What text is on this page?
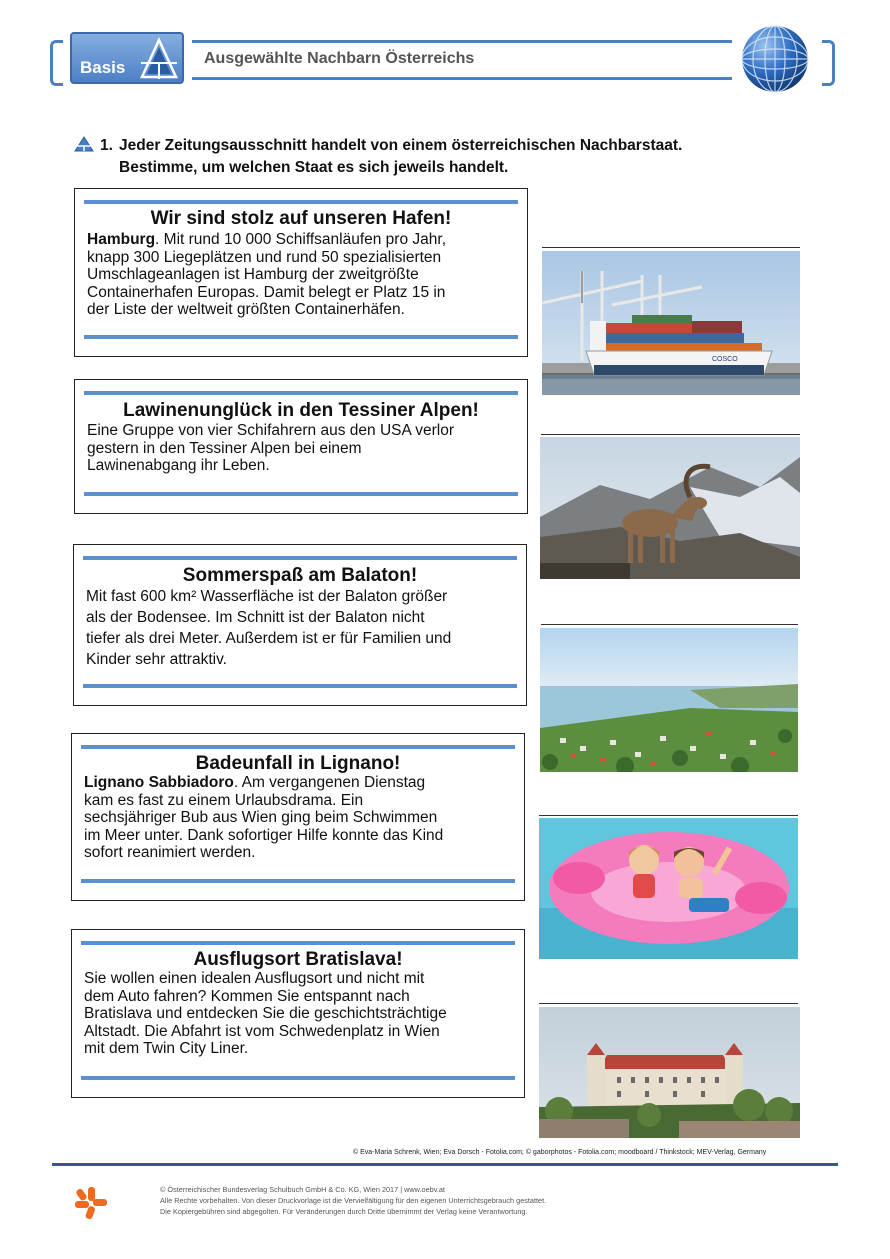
Basis	Ausgewählte Nachbarn Österreichs
1. Jeder Zeitungsausschnitt handelt von einem österreichischen Nachbarstaat.
Bestimme, um welchen Staat es sich jeweils handelt.
Wir sind stolz auf unseren Hafen!
Hamburg. Mit rund 10 000 Schiffsanläufen pro Jahr,
knapp 300 Liegeplätzen und rund 50 spezialisierten
Umschlageanlagen ist Hamburg der zweitgrößte
Containerhafen Europas. Damit belegt er Platz 15 in
der Liste der weltweit größten Containerhäfen.
Lawinenunglück in den Tessiner Alpen!
Eine Gruppe von vier Schifahrern aus den USA verlor
gestern in den Tessiner Alpen bei einem
Lawinenabgang ihr Leben.
Sommerspaß am Balaton!
Mit fast 600 km² Wasserfläche ist der Balaton größer
als der Bodensee. Im Schnitt ist der Balaton nicht
tiefer als drei Meter. Außerdem ist er für Familien und
Kinder sehr attraktiv.
Badeunfall in Lignano!
Lignano Sabbiadoro. Am vergangenen Dienstag
kam es fast zu einem Urlaubsdrama. Ein
sechsjähriger Bub aus Wien ging beim Schwimmen
im Meer unter. Dank sofortiger Hilfe konnte das Kind
sofort reanimiert werden.
Ausflugsort Bratislava!
Sie wollen einen idealen Ausflugsort und nicht mit
dem Auto fahren? Kommen Sie entspannt nach
Bratislava und entdecken Sie die geschichtsträchtige
Altstadt. Die Abfahrt ist vom Schwedenplatz in Wien
mit dem Twin City Liner.
COSCO
© Eva-Maria Schrenk, Wien; Eva Dorsch - Fotolia.com; © gaborphotos - Fotolia.com; moodboard / Thinkstock; MEV-Verlag, Germany
© Österreichischer Bundesverlag Schulbuch GmbH & Co. KG, Wien 2017 | www.oebv.at
Alle Rechte vorbehalten. Von dieser Druckvorlage ist die Vervielfältigung für den eigenen Unterrichtsgebrauch gestattet.
Die Kopiergebühren sind abgegolten. Für Veränderungen durch Dritte übernimmt der Verlag keine Verantwortung.
